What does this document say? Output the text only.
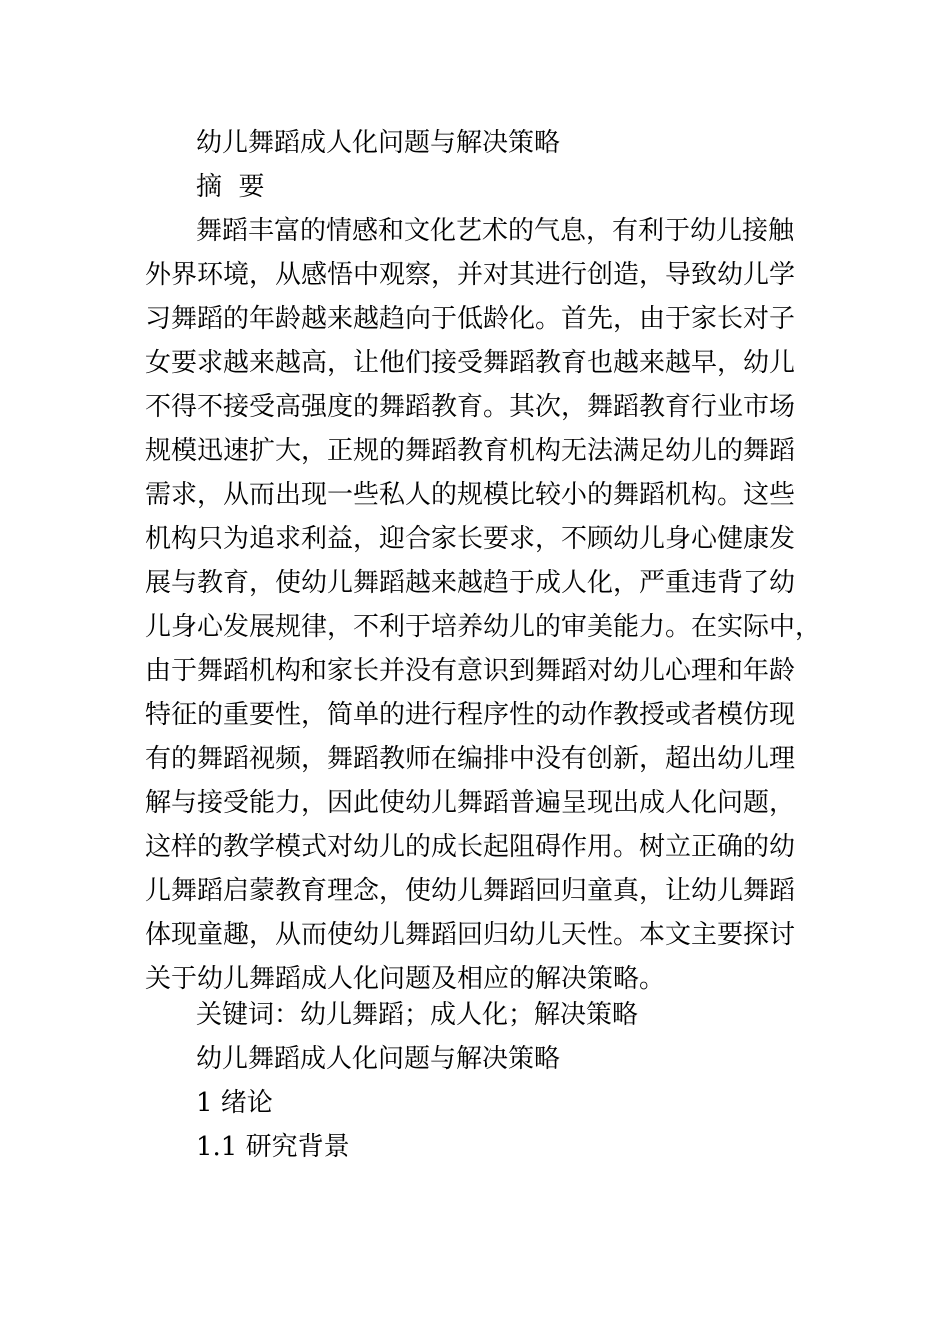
幼儿舞蹈成人化问题与解决策略
摘  要
舞蹈丰富的情感和文化艺术的气息，有利于幼儿接触
外界环境，从感悟中观察，并对其进行创造，导致幼儿学
习舞蹈的年龄越来越趋向于低龄化。首先，由于家长对子
女要求越来越高，让他们接受舞蹈教育也越来越早，幼儿
不得不接受高强度的舞蹈教育。其次，舞蹈教育行业市场
规模迅速扩大，正规的舞蹈教育机构无法满足幼儿的舞蹈
需求，从而出现一些私人的规模比较小的舞蹈机构。这些
机构只为追求利益，迎合家长要求，不顾幼儿身心健康发
展与教育，使幼儿舞蹈越来越趋于成人化，严重违背了幼
儿身心发展规律，不利于培养幼儿的审美能力。在实际中，
由于舞蹈机构和家长并没有意识到舞蹈对幼儿心理和年龄
特征的重要性，简单的进行程序性的动作教授或者模仿现
有的舞蹈视频，舞蹈教师在编排中没有创新，超出幼儿理
解与接受能力，因此使幼儿舞蹈普遍呈现出成人化问题，
这样的教学模式对幼儿的成长起阻碍作用。树立正确的幼
儿舞蹈启蒙教育理念，使幼儿舞蹈回归童真，让幼儿舞蹈
体现童趣，从而使幼儿舞蹈回归幼儿天性。本文主要探讨
关于幼儿舞蹈成人化问题及相应的解决策略。
关键词：幼儿舞蹈；成人化；解决策略
幼儿舞蹈成人化问题与解决策略
1 绪论
1.1 研究背景
